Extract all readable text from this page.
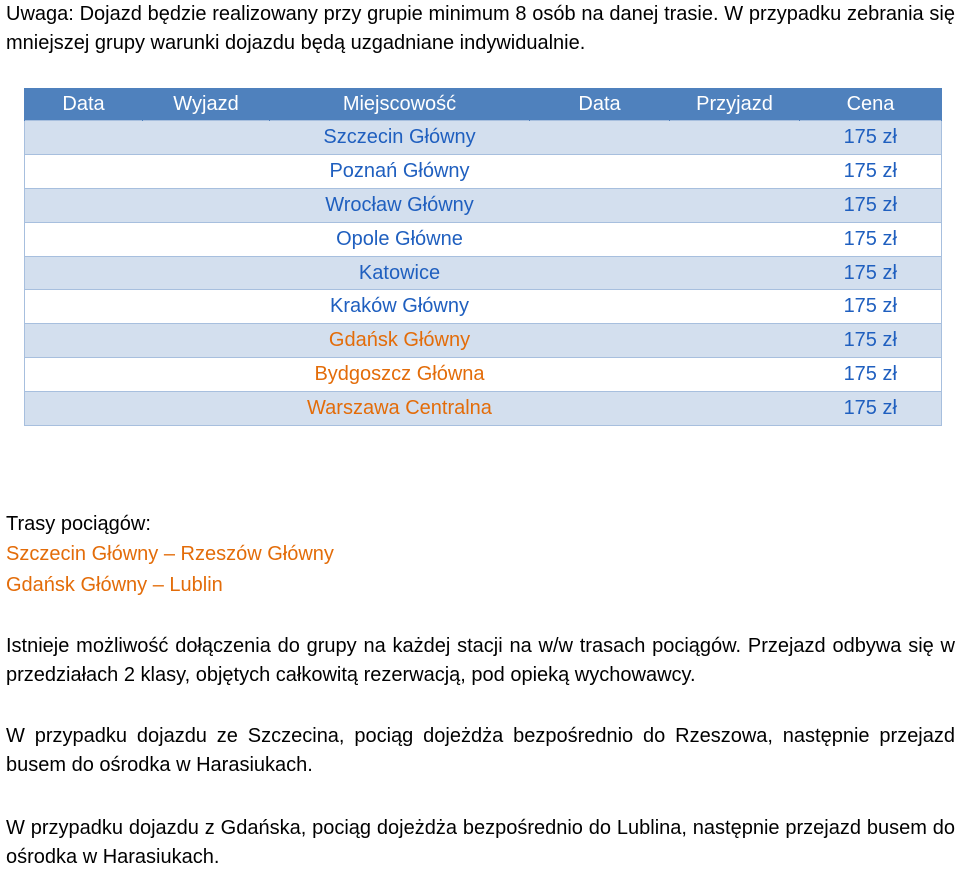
Uwaga: Dojazd będzie realizowany przy grupie minimum 8 osób na danej trasie. W przypadku zebrania się mniejszej grupy warunki dojazdu będą uzgadniane indywidualnie.

Data	Wyjazd	Miejscowość	Data	Przyjazd	Cena
		Szczecin Główny			175 zł
		Poznań Główny			175 zł
		Wrocław Główny			175 zł
		Opole Główne			175 zł
		Katowice			175 zł
		Kraków Główny			175 zł
		Gdańsk Główny			175 zł
		Bydgoszcz Główna			175 zł
		Warszawa Centralna			175 zł

Trasy pociągów:

Szczecin Główny – Rzeszów Główny

Gdańsk Główny – Lublin

Istnieje możliwość dołączenia do grupy na każdej stacji na w/w trasach pociągów. Przejazd odbywa się w przedziałach 2 klasy, objętych całkowitą rezerwacją, pod opieką wychowawcy.

W przypadku dojazdu ze Szczecina, pociąg dojeżdża bezpośrednio do Rzeszowa, następnie przejazd busem do ośrodka w Harasiukach.

W przypadku dojazdu z Gdańska, pociąg dojeżdża bezpośrednio do Lublina, następnie przejazd busem do ośrodka w Harasiukach.
